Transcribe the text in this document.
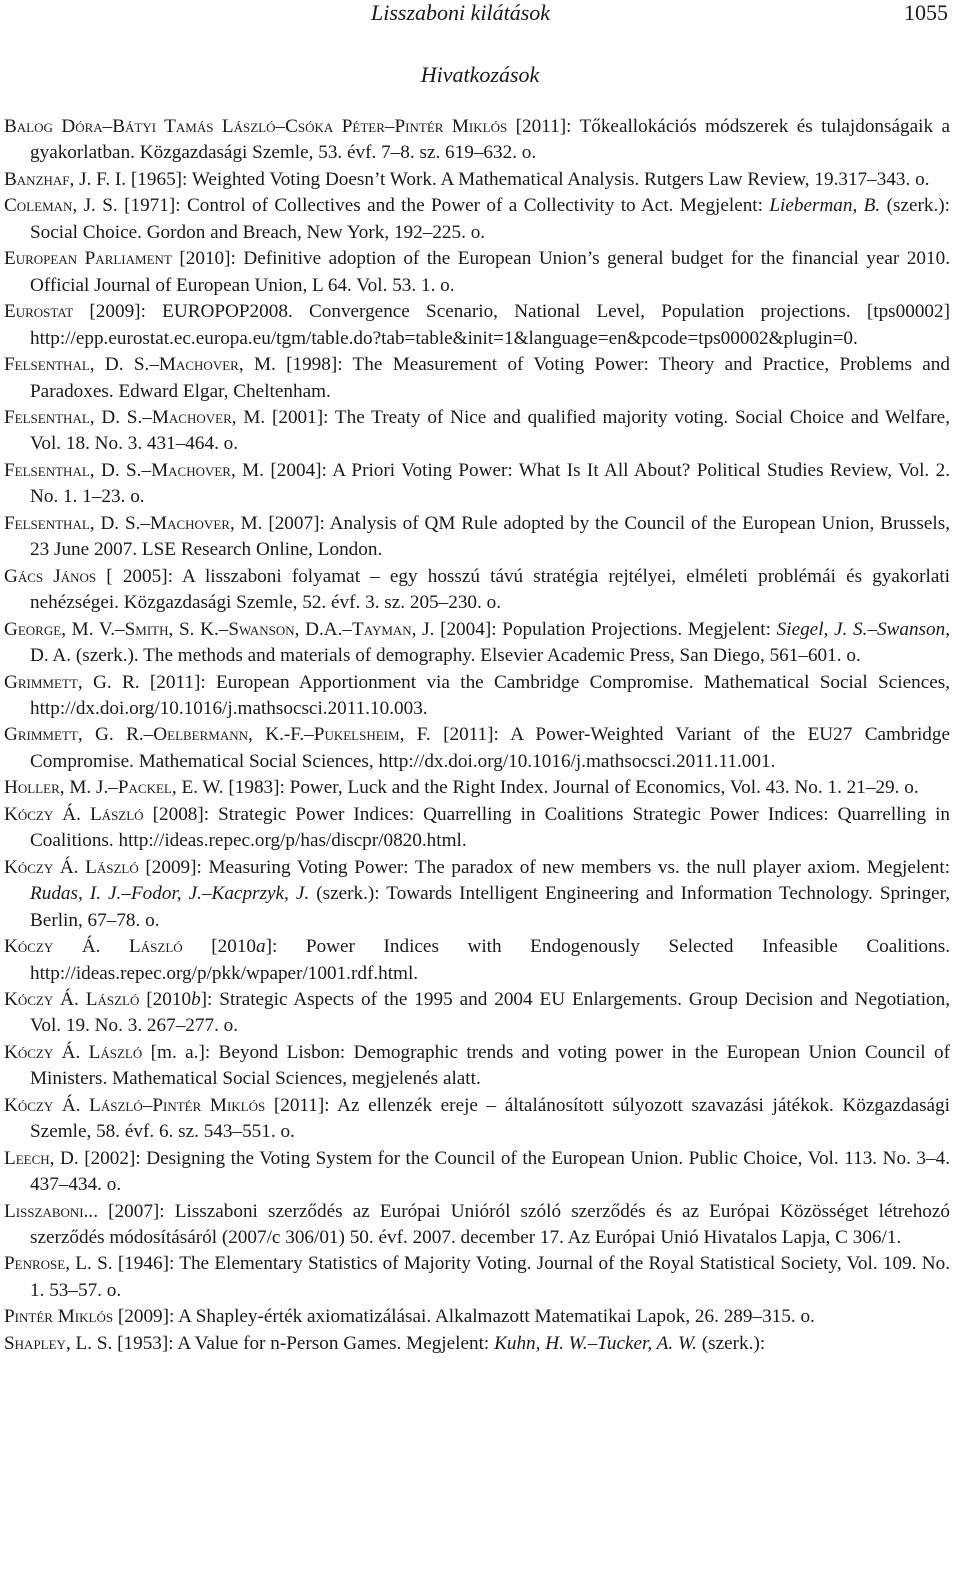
Lisszaboni kilátások	1055
Hivatkozások

Balog Dóra–Bátyi Tamás László–Csóka Péter–Pintér Miklós [2011]: Tőkeallokációs módszerek és tulajdonságaik a gyakorlatban. Közgazdasági Szemle, 53. évf. 7–8. sz. 619–632. o.

Banzhaf, J. F. I. [1965]: Weighted Voting Doesn’t Work. A Mathematical Analysis. Rutgers Law Review, 19.317–343. o.

Coleman, J. S. [1971]: Control of Collectives and the Power of a Collectivity to Act. Megjelent: Lieberman, B. (szerk.): Social Choice. Gordon and Breach, New York, 192–225. o.

European Parliament [2010]: Definitive adoption of the European Union’s general budget for the financial year 2010. Official Journal of European Union, L 64. Vol. 53. 1. o.

Eurostat [2009]: EUROPOP2008. Convergence Scenario, National Level, Population projections. [tps00002] http://epp.eurostat.ec.europa.eu/tgm/table.do?tab=table&init=1&language=en&pcode=tps00002&plugin=0.

Felsenthal, D. S.–Machover, M. [1998]: The Measurement of Voting Power: Theory and Practice, Problems and Paradoxes. Edward Elgar, Cheltenham.

Felsenthal, D. S.–Machover, M. [2001]: The Treaty of Nice and qualified majority voting. Social Choice and Welfare, Vol. 18. No. 3. 431–464. o.

Felsenthal, D. S.–Machover, M. [2004]: A Priori Voting Power: What Is It All About? Political Studies Review, Vol. 2. No. 1. 1–23. o.

Felsenthal, D. S.–Machover, M. [2007]: Analysis of QM Rule adopted by the Council of the European Union, Brussels, 23 June 2007. LSE Research Online, London.

Gács János [ 2005]: A lisszaboni folyamat – egy hosszú távú stratégia rejtélyei, elméleti problémái és gyakorlati nehézségei. Közgazdasági Szemle, 52. évf. 3. sz. 205–230. o.

George, M. V.–Smith, S. K.–Swanson, D.A.–Tayman, J. [2004]: Population Projections. Megjelent: Siegel, J. S.–Swanson, D. A. (szerk.). The methods and materials of demography. Elsevier Academic Press, San Diego, 561–601. o.

Grimmett, G. R. [2011]: European Apportionment via the Cambridge Compromise. Mathematical Social Sciences, http://dx.doi.org/10.1016/j.mathsocsci.2011.10.003.

Grimmett, G. R.–Oelbermann, K.-F.–Pukelsheim, F. [2011]: A Power-Weighted Variant of the EU27 Cambridge Compromise. Mathematical Social Sciences, http://dx.doi.org/10.1016/j.mathsocsci.2011.11.001.

Holler, M. J.–Packel, E. W. [1983]: Power, Luck and the Right Index. Journal of Economics, Vol. 43. No. 1. 21–29. o.

Kóczy Á. László [2008]: Strategic Power Indices: Quarrelling in Coalitions Strategic Power Indices: Quarrelling in Coalitions. http://ideas.repec.org/p/has/discpr/0820.html.

Kóczy Á. László [2009]: Measuring Voting Power: The paradox of new members vs. the null player axiom. Megjelent: Rudas, I. J.–Fodor, J.–Kacprzyk, J. (szerk.): Towards Intelligent Engineering and Information Technology. Springer, Berlin, 67–78. o.

Kóczy Á. László [2010a]: Power Indices with Endogenously Selected Infeasible Coalitions. http://ideas.repec.org/p/pkk/wpaper/1001.rdf.html.

Kóczy Á. László [2010b]: Strategic Aspects of the 1995 and 2004 EU Enlargements. Group Decision and Negotiation, Vol. 19. No. 3. 267–277. o.

Kóczy Á. László [m. a.]: Beyond Lisbon: Demographic trends and voting power in the European Union Council of Ministers. Mathematical Social Sciences, megjelenés alatt.

Kóczy Á. László–Pintér Miklós [2011]: Az ellenzék ereje – általánosított súlyozott szavazási játékok. Közgazdasági Szemle, 58. évf. 6. sz. 543–551. o.

Leech, D. [2002]: Designing the Voting System for the Council of the European Union. Public Choice, Vol. 113. No. 3–4. 437–434. o.

Lisszaboni... [2007]: Lisszaboni szerződés az Európai Unióról szóló szerződés és az Európai Közösséget létrehozó szerződés módosításáról (2007/c 306/01) 50. évf. 2007. december 17. Az Európai Unió Hivatalos Lapja, C 306/1.

Penrose, L. S. [1946]: The Elementary Statistics of Majority Voting. Journal of the Royal Statistical Society, Vol. 109. No. 1. 53–57. o.

Pintér Miklós [2009]: A Shapley-érték axiomatizálásai. Alkalmazott Matematikai Lapok, 26. 289–315. o.

Shapley, L. S. [1953]: A Value for n-Person Games. Megjelent: Kuhn, H. W.–Tucker, A. W. (szerk.):
